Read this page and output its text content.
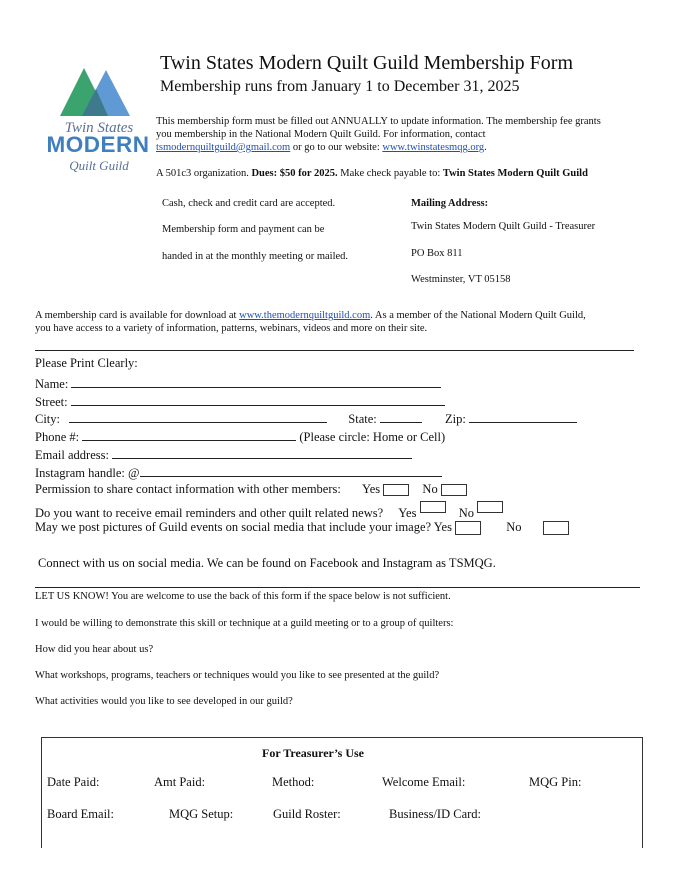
Twin States
MODERN
Quilt Guild
Twin States Modern Quilt Guild Membership Form
Membership runs from January 1 to December 31, 2025
This membership form must be filled out ANNUALLY to update information. The membership fee grants
you membership in the National Modern Quilt Guild. For information, contact
tsmodernquiltguild@gmail.com or go to our website: www.twinstatesmqg.org.
A 501c3 organization. Dues: $50 for 2025. Make check payable to: Twin States Modern Quilt Guild
Cash, check and credit card are accepted.
Membership form and payment can be
handed in at the monthly meeting or mailed.
Mailing Address:
Twin States Modern Quilt Guild - Treasurer
PO Box 811
Westminster, VT 05158
A membership card is available for download at www.themodernquiltguild.com. As a member of the National Modern Quilt Guild,
you have access to a variety of information, patterns, webinars, videos and more on their site.
Please Print Clearly:
Name:
Street:
City:	State:	Zip:
Phone #:	(Please circle: Home or Cell)
Email address:
Instagram handle: @
Permission to share contact information with other members: Yes	No
Do you want to receive email reminders and other quilt related news? Yes	No
May we post pictures of Guild events on social media that include your image? Yes	No
Connect with us on social media. We can be found on Facebook and Instagram as TSMQG.
LET US KNOW! You are welcome to use the back of this form if the space below is not sufficient.
I would be willing to demonstrate this skill or technique at a guild meeting or to a group of quilters:
How did you hear about us?
What workshops, programs, teachers or techniques would you like to see presented at the guild?
What activities would you like to see developed in our guild?
For Treasurer’s Use
Date Paid:	Amt Paid:	Method:	Welcome Email:	MQG Pin:
Board Email:	MQG Setup:	Guild Roster:	Business/ID Card:
